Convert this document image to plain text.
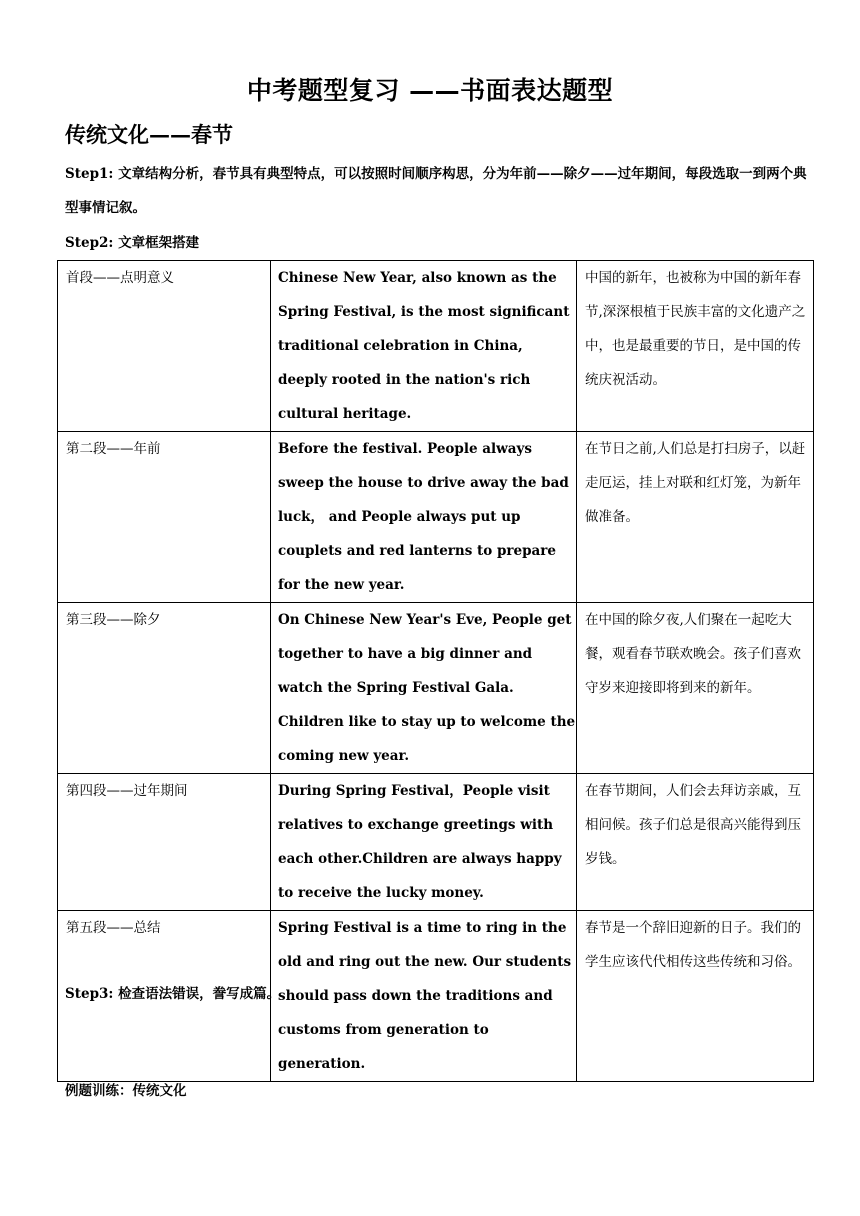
中考题型复习 ——书面表达题型
传统文化——春节

Step1: 文章结构分析，春节具有典型特点，可以按照时间顺序构思，分为年前——除夕——过年期间，每段选取一到两个典型事情记叙。

Step2: 文章框架搭建

首段——点明意义	Chinese New Year, also known as the Spring Festival, is the most significant traditional celebration in China, deeply rooted in the nation's rich cultural heritage.	中国的新年，也被称为中国的新年春节,深深根植于民族丰富的文化遗产之中，也是最重要的节日，是中国的传统庆祝活动。
第二段——年前	Before the festival. People always sweep the house to drive away the bad luck， and People always put up couplets and red lanterns to prepare for the new year.	在节日之前,人们总是打扫房子，以赶走厄运，挂上对联和红灯笼，为新年做准备。
第三段——除夕	On Chinese New Year's Eve, People get together to have a big dinner and watch the Spring Festival Gala. Children like to stay up to welcome the coming new year.	在中国的除夕夜,人们聚在一起吃大餐，观看春节联欢晚会。孩子们喜欢守岁来迎接即将到来的新年。
第四段——过年期间	During Spring Festival，People visit relatives to exchange greetings with each other.Children are always happy to receive the lucky money.	在春节期间，人们会去拜访亲戚，互相问候。孩子们总是很高兴能得到压岁钱。
第五段——总结	Spring Festival is a time to ring in the old and ring out the new. Our students should pass down the traditions and customs from generation to generation.	春节是一个辞旧迎新的日子。我们的学生应该代代相传这些传统和习俗。

Step3: 检查语法错误，誊写成篇。

例题训练：传统文化
